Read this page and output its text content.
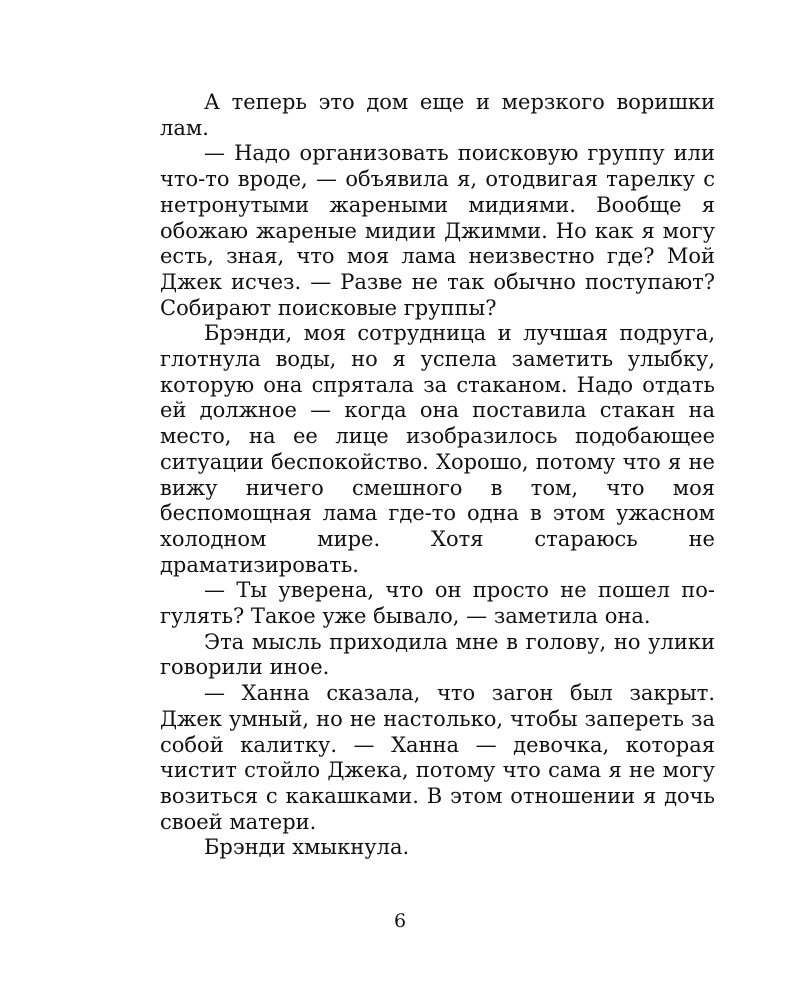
А теперь это дом еще и мерзкого воришки лам.

— Надо организовать поисковую группу или что-то вроде, — объявила я, отодвигая тарелку с нетронутыми жареными мидиями. Вообще я обожаю жареные мидии Джимми. Но как я могу есть, зная, что моя лама неизвестно где? Мой Джек исчез. — Разве не так обычно поступают? Собирают поисковые группы?

Брэнди, моя сотрудница и лучшая подруга, глотнула воды, но я успела заметить улыбку, которую она спрятала за стаканом. Надо отдать ей должное — когда она поставила стакан на место, на ее лице изобразилось подобающее ситуации беспокойство. Хорошо, потому что я не вижу ничего смешного в том, что моя беспомощная лама где-то одна в этом ужасном холодном мире. Хотя стараюсь не драматизировать.

— Ты уверена, что он просто не пошел погулять? Такое уже бывало, — заметила она.

Эта мысль приходила мне в голову, но улики говорили иное.

— Ханна сказала, что загон был закрыт. Джек умный, но не настолько, чтобы запереть за собой калитку. — Ханна — девочка, которая чистит стойло Джека, потому что сама я не могу возиться с какашками. В этом отношении я дочь своей матери.

Брэнди хмыкнула.

6
